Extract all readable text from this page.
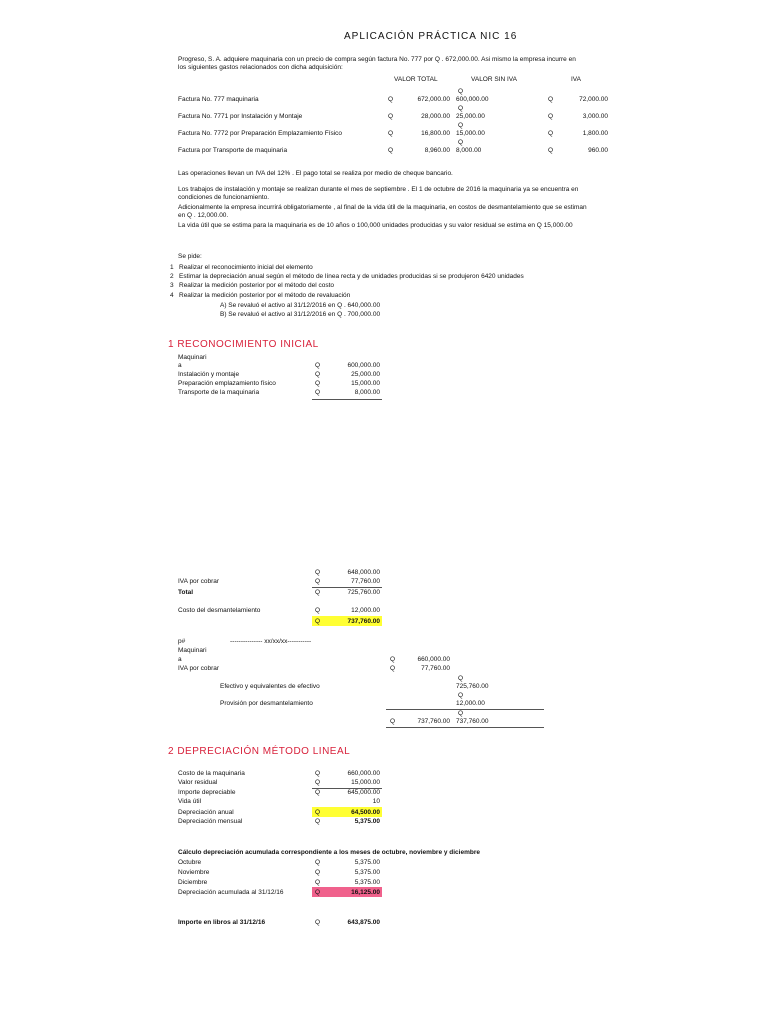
APLICACIÓN PRÁCTICA NIC 16
Progreso, S. A. adquiere maquinaria con un precio de compra según factura No. 777 por Q . 672,000.00. Asi mismo la empresa incurre en
los siguientes gastos relacionados con dicha adquisición:
VALOR TOTAL	VALOR SIN IVA	IVA
Q
Factura No. 777 maquinaria	Q	672,000.00 600,000.00	Q	72,000.00
Q
Factura No. 7771 por Instalación y Montaje	Q	28,000.00 25,000.00	Q	3,000.00
Q
Factura No. 7772 por Preparación Emplazamiento Físico	Q	16,800.00 15,000.00	Q	1,800.00
Q
Factura por Transporte de maquinaria	Q	8,960.00 8,000.00	Q	960.00
Las operaciones llevan un IVA del 12% . El pago total se realiza por medio de cheque bancario.
Los trabajos de instalación y montaje se realizan durante el mes de septiembre . El 1 de octubre de 2016 la maquinaria ya se encuentra en
condiciones de funcionamiento.
Adicionalmente la empresa incurrirá obligatoriamente , al final de la vida útil de la maquinaria, en costos de desmantelamiento que se estiman
en Q . 12,000.00.
La vida útil que se estima para la maquinaria es de 10 años o 100,000 unidades producidas y su valor residual se estima en Q 15,000.00
Se pide:
1 Realizar el reconocimiento inicial del elemento
2 Estimar la depreciación anual según el método de línea recta y de unidades producidas si se produjeron 6420 unidades
3 Realizar la medición posterior por el método del costo
4 Realizar la medición posterior por el método de revaluación
A) Se revaluó el activo al 31/12/2016 en Q . 640,000.00
B) Se revaluó el activo al 31/12/2016 en Q . 700,000.00
1 RECONOCIMIENTO INICIAL
Maquinari
a	Q	600,000.00
Instalación y montaje	Q	25,000.00
Preparación emplazamiento físico	Q	15,000.00
Transporte de la maquinaria	Q	8,000.00
Q	648,000.00
IVA por cobrar	Q	77,760.00
Total	Q	725,760.00
Costo del desmantelamiento	Q	12,000.00
Q	737,760.00
p#	--------------- xx/xx/xx-----------
Maquinari
a	Q	660,000.00
IVA por cobrar	Q	77,760.00
Q
Efectivo y equivalentes de efectivo	725,760.00
Q
Provisión por desmantelamiento	12,000.00
Q
Q	737,760.00 737,760.00
2 DEPRECIACIÓN MÉTODO LINEAL
Costo de la maquinaria	Q	660,000.00
Valor residual	Q	15,000.00
Importe depreciable	Q	645,000.00
Vida útil	10
Depreciación anual	Q	64,500.00
Depreciación mensual	Q	5,375.00
Cálculo depreciación acumulada correspondiente a los meses de octubre, noviembre y diciembre
Octubre	Q	5,375.00
Noviembre	Q	5,375.00
Diciembre	Q	5,375.00
Depreciación acumulada al 31/12/16	Q	16,125.00
Importe en libros al 31/12/16	Q	643,875.00
